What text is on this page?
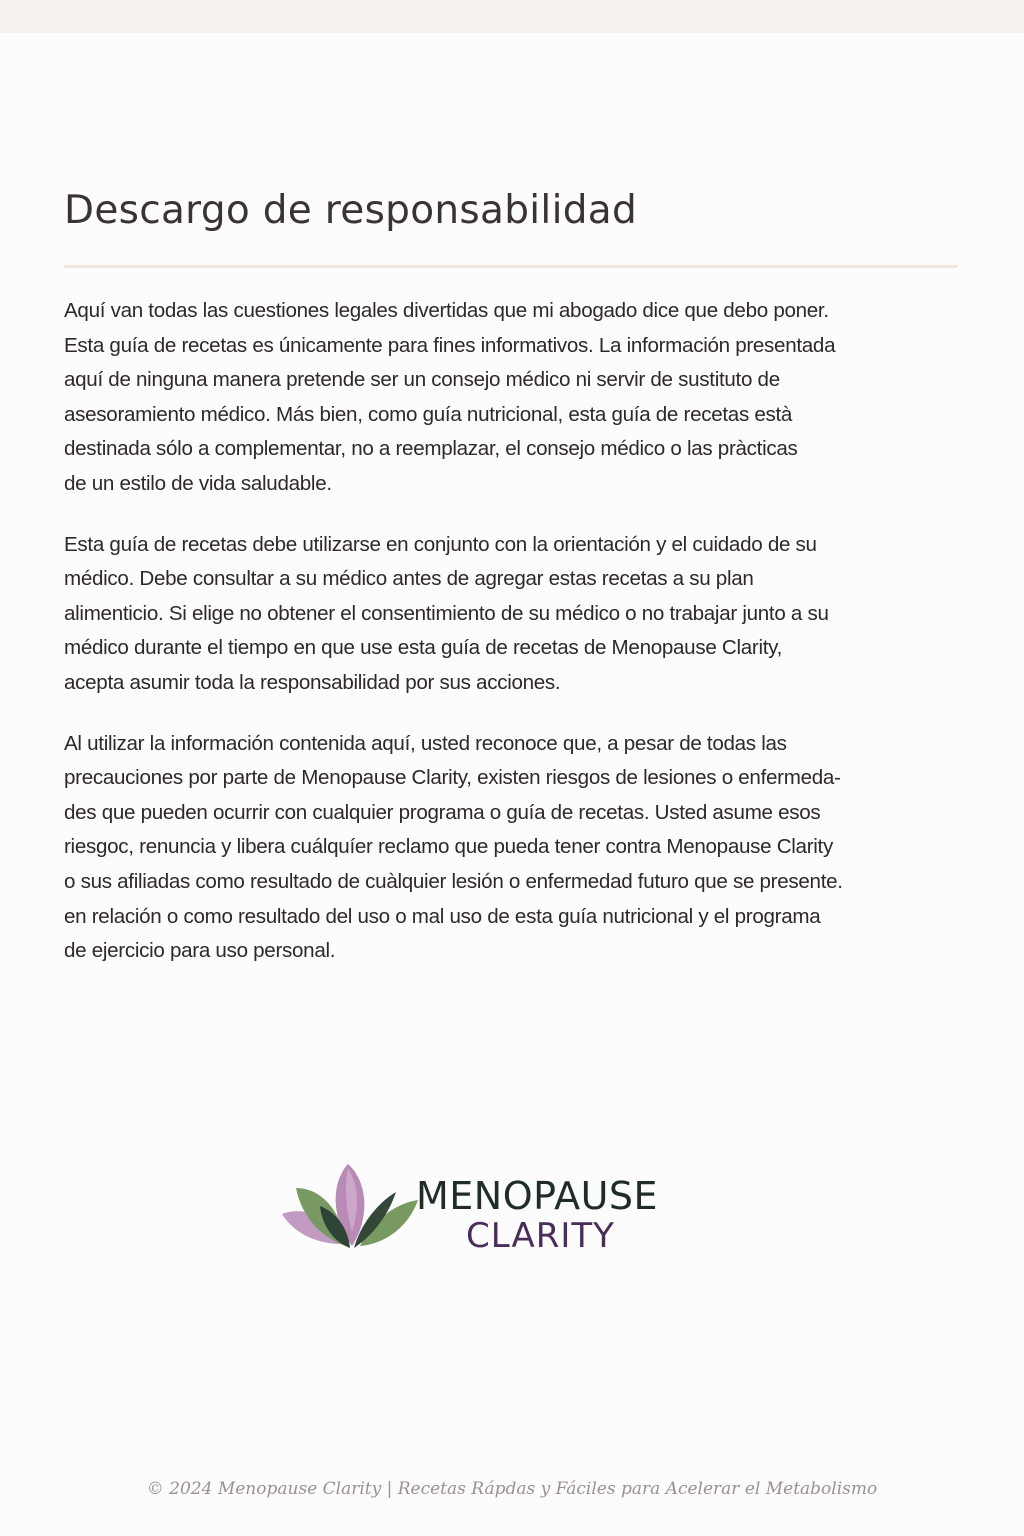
Descargo de responsabilidad

Aquí van todas las cuestiones legales divertidas que mi abogado dice que debo poner.
Esta guía de recetas es únicamente para fines informativos. La información presentada
aquí de ninguna manera pretende ser un consejo médico ni servir de sustituto de
asesoramiento médico. Más bien, como guía nutricional, esta guía de recetas està
destinada sólo a complementar, no a reemplazar, el consejo médico o las pràcticas
de un estilo de vida saludable.

Esta guía de recetas debe utilizarse en conjunto con la orientación y el cuidado de su
médico. Debe consultar a su médico antes de agregar estas recetas a su plan
alimenticio. Si elige no obtener el consentimiento de su médico o no trabajar junto a su
médico durante el tiempo en que use esta guía de recetas de Menopause Clarity,
acepta asumir toda la responsabilidad por sus acciones.

Al utilizar la información contenida aquí, usted reconoce que, a pesar de todas las
precauciones por parte de Menopause Clarity, existen riesgos de lesiones o enfermeda-
des que pueden ocurrir con cualquier programa o guía de recetas. Usted asume esos
riesgoc, renuncia y libera cuálquíer reclamo que pueda tener contra Menopause Clarity
o sus afiliadas como resultado de cuàlquier lesión o enfermedad futuro que se presente.
en relación o como resultado del uso o mal uso de esta guía nutricional y el programa
de ejercicio para uso personal.

MENOPAUSE
CLARITY
© 2024 Menopause Clarity | Recetas Rápdas y Fáciles para Acelerar el Metabolismo
